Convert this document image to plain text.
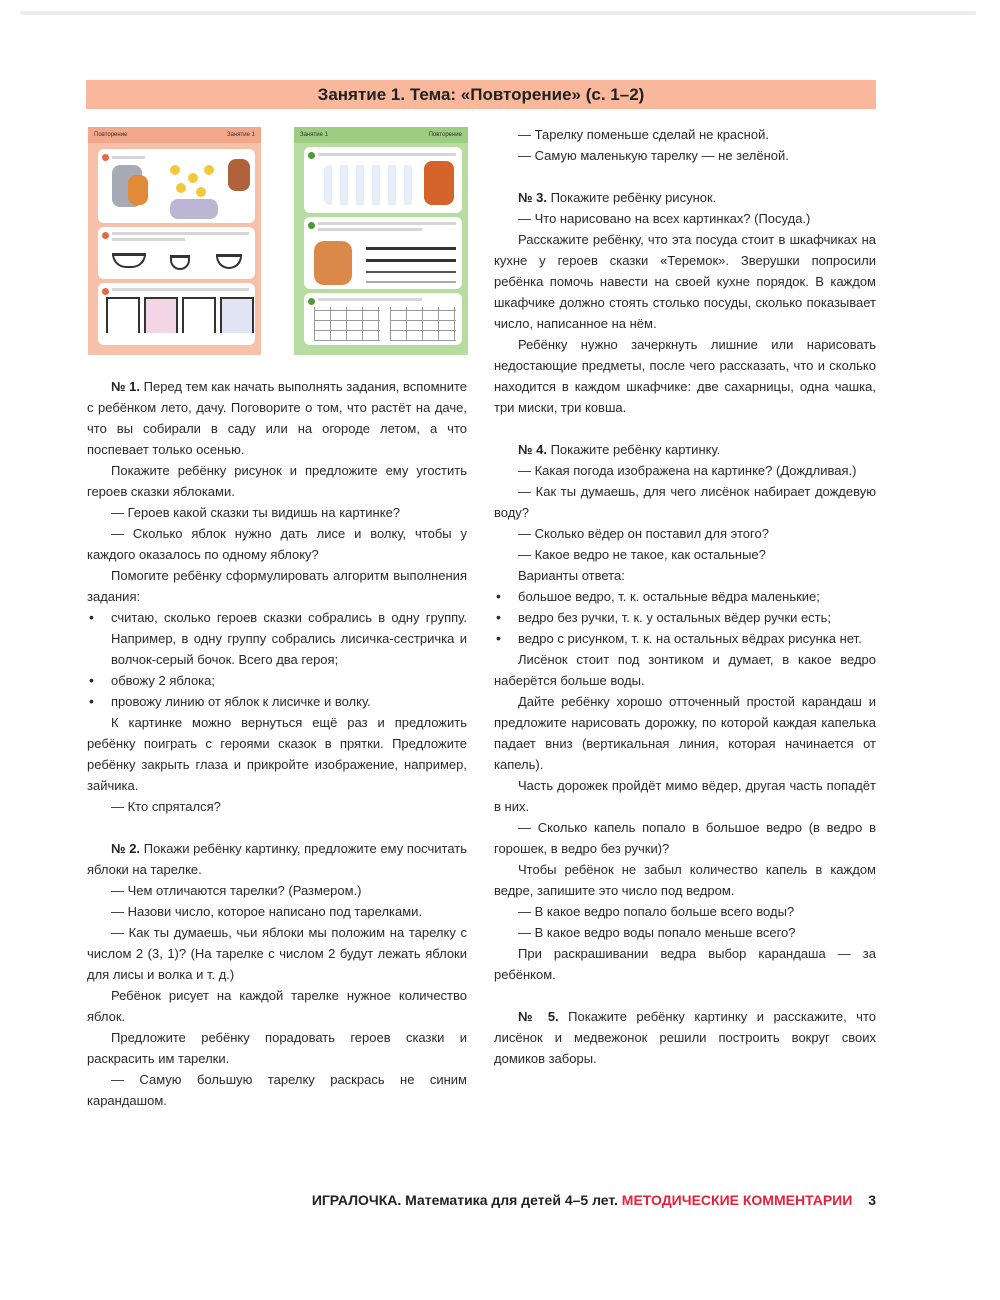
Занятие 1. Тема: «Повторение» (с. 1–2)
Повторение	Занятие 1	Занятие 1	Повторение

№ 1. Перед тем как начать выполнять задания, вспомните с ребёнком лето, дачу. Поговорите о том, что растёт на даче, что вы собирали в саду или на огороде летом, а что поспевает только осенью.

Покажите ребёнку рисунок и предложите ему угостить героев сказки яблоками.

— Героев какой сказки ты видишь на картинке?

— Сколько яблок нужно дать лисе и волку, чтобы у каждого оказалось по одному яблоку?

Помогите ребёнку сформулировать алгоритм выполнения задания:

• считаю, сколько героев сказки собрались в одну группу. Например, в одну группу собрались лисичка-сестричка и волчок-серый бочок. Всего два героя;

• обвожу 2 яблока;

• провожу линию от яблок к лисичке и волку.

К картинке можно вернуться ещё раз и предложить ребёнку поиграть с героями сказок в прятки. Предложите ребёнку закрыть глаза и прикройте изображение, например, зайчика.

— Кто спрятался?

№ 2. Покажи ребёнку картинку, предложите ему посчитать яблоки на тарелке.

— Чем отличаются тарелки? (Размером.)

— Назови число, которое написано под тарелками.

— Как ты думаешь, чьи яблоки мы положим на тарелку с числом 2 (3, 1)? (На тарелке с числом 2 будут лежать яблоки для лисы и волка и т. д.)

Ребёнок рисует на каждой тарелке нужное количество яблок.

Предложите ребёнку порадовать героев сказки и раскрасить им тарелки.

— Самую большую тарелку раскрась не синим карандашом.

— Тарелку поменьше сделай не красной.

— Самую маленькую тарелку — не зелёной.

№ 3. Покажите ребёнку рисунок.

— Что нарисовано на всех картинках? (Посуда.)

Расскажите ребёнку, что эта посуда стоит в шкафчиках на кухне у героев сказки «Теремок». Зверушки попросили ребёнка помочь навести на своей кухне порядок. В каждом шкафчике должно стоять столько посуды, сколько показывает число, написанное на нём.

Ребёнку нужно зачеркнуть лишние или нарисовать недостающие предметы, после чего рассказать, что и сколько находится в каждом шкафчике: две сахарницы, одна чашка, три миски, три ковша.

№ 4. Покажите ребёнку картинку.

— Какая погода изображена на картинке? (Дождливая.)

— Как ты думаешь, для чего лисёнок набирает дождевую воду?

— Сколько вёдер он поставил для этого?

— Какое ведро не такое, как остальные?

Варианты ответа:

• большое ведро, т. к. остальные вёдра маленькие;

• ведро без ручки, т. к. у остальных вёдер ручки есть;

• ведро с рисунком, т. к. на остальных вёдрах рисунка нет.

Лисёнок стоит под зонтиком и думает, в какое ведро наберётся больше воды.

Дайте ребёнку хорошо отточенный простой карандаш и предложите нарисовать дорожку, по которой каждая капелька падает вниз (вертикальная линия, которая начинается от капель).

Часть дорожек пройдёт мимо вёдер, другая часть попадёт в них.

— Сколько капель попало в большое ведро (в ведро в горошек, в ведро без ручки)?

Чтобы ребёнок не забыл количество капель в каждом ведре, запишите это число под ведром.

— В какое ведро попало больше всего воды?

— В какое ведро воды попало меньше всего?

При раскрашивании ведра выбор карандаша — за ребёнком.

№ 5. Покажите ребёнку картинку и расскажите, что лисёнок и медвежонок решили построить вокруг своих домиков заборы.

ИГРАЛОЧКА. Математика для детей 4–5 лет. МЕТОДИЧЕСКИЕ КОММЕНТАРИИ 3
